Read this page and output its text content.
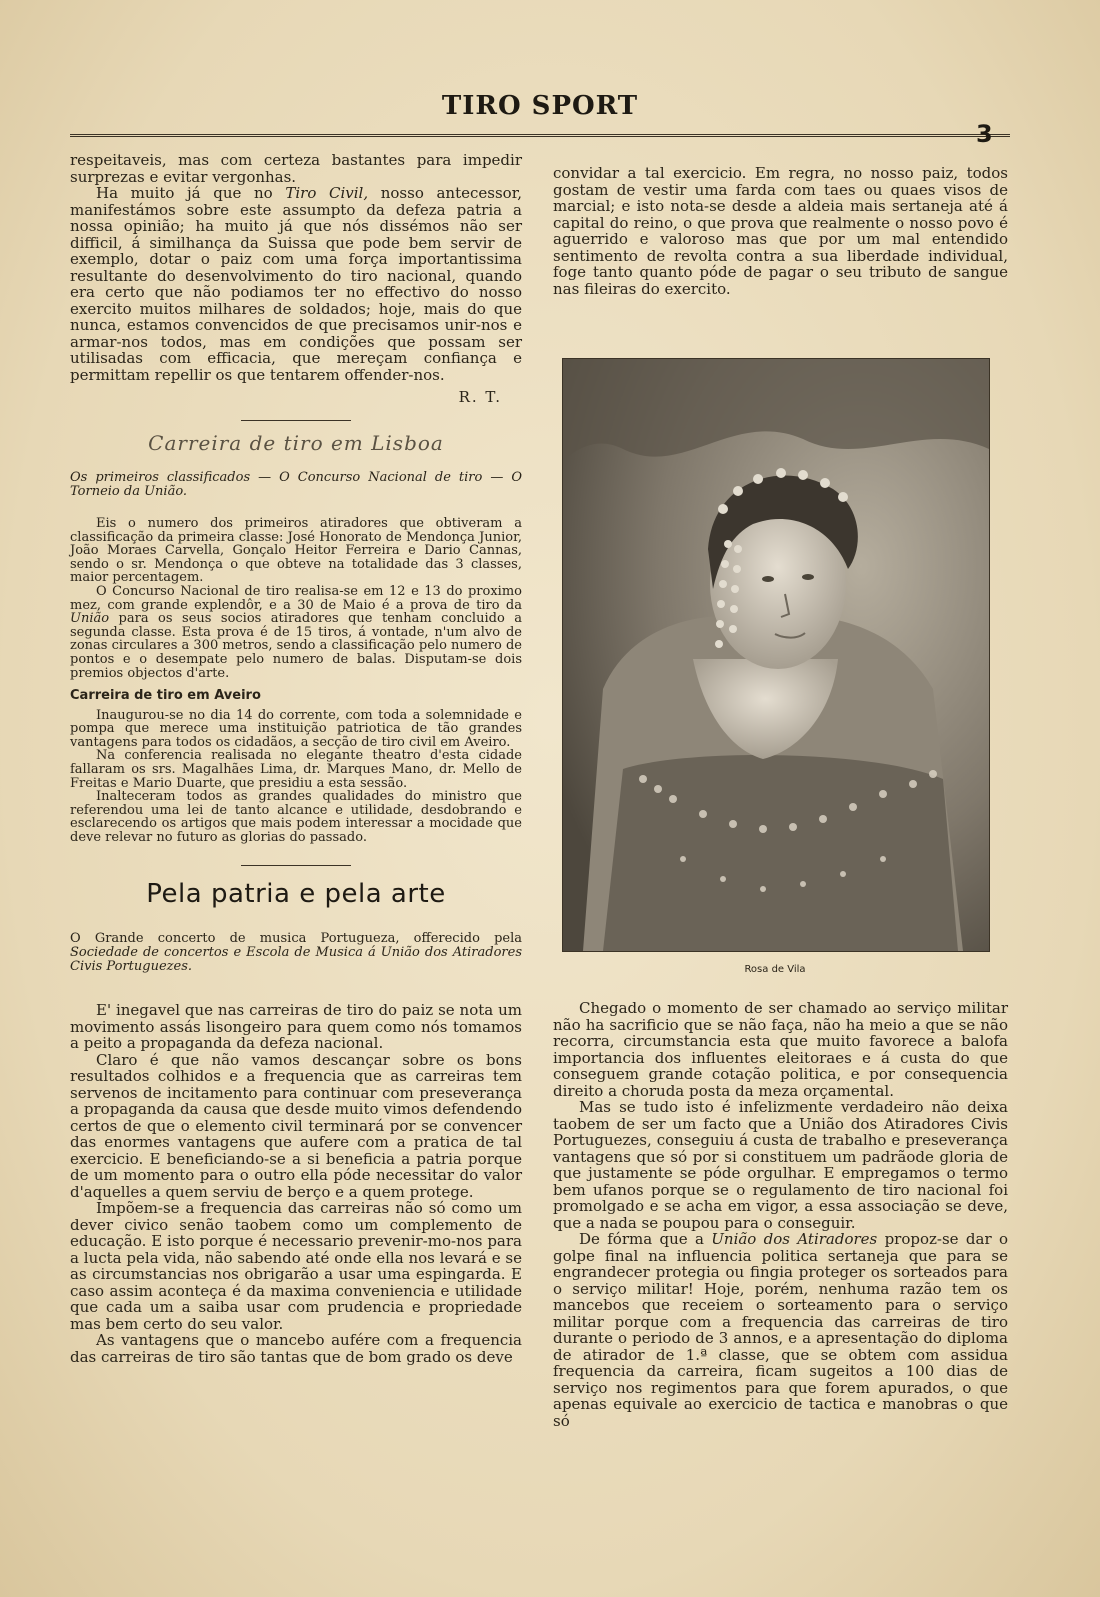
TIRO SPORT
3

respeitaveis, mas com certeza bastantes para impedir surprezas e evitar vergonhas.

Ha muito já que no Tiro Civil, nosso antecessor, manifestámos sobre este assumpto da defeza patria a nossa opinião; ha muito já que nós dissémos não ser difficil, á similhança da Suissa que pode bem servir de exemplo, dotar o paiz com uma força importantissima resultante do desenvolvimento do tiro nacional, quando era certo que não podiamos ter no effectivo do nosso exercito muitos milhares de soldados; hoje, mais do que nunca, estamos convencidos de que precisamos unir-nos e armar-nos todos, mas em condições que possam ser utilisadas com efficacia, que mereçam confiança e permittam repellir os que tentarem offender-nos.

R. T.
Carreira de tiro em Lisboa
Os primeiros classificados — O Concurso Nacional de tiro — O Torneio da União.

Eis o numero dos primeiros atiradores que obtiveram a classificação da primeira classe: José Honorato de Mendonça Junior, João Moraes Carvella, Gonçalo Heitor Ferreira e Dario Cannas, sendo o sr. Mendonça o que obteve na totalidade das 3 classes, maior percentagem.

O Concurso Nacional de tiro realisa-se em 12 e 13 do proximo mez, com grande explendôr, e a 30 de Maio é a prova de tiro da União para os seus socios atiradores que tenham concluido a segunda classe. Esta prova é de 15 tiros, á vontade, n'um alvo de zonas circulares a 300 metros, sendo a classificação pelo numero de pontos e o desempate pelo numero de balas. Disputam-se dois premios objectos d'arte.

Carreira de tiro em Aveiro

Inaugurou-se no dia 14 do corrente, com toda a solemnidade e pompa que merece uma instituição patriotica de tão grandes vantagens para todos os cidadãos, a secção de tiro civil em Aveiro.

Na conferencia realisada no elegante theatro d'esta cidade fallaram os srs. Magalhães Lima, dr. Marques Mano, dr. Mello de Freitas e Mario Duarte, que presidiu a esta sessão.

Inalteceram todos as grandes qualidades do ministro que referendou uma lei de tanto alcance e utilidade, desdobrando e esclarecendo os artigos que mais podem interessar a mocidade que deve relevar no futuro as glorias do passado.

Pela patria e pela arte
O Grande concerto de musica Portugueza, offerecido pela Sociedade de concertos e Escola de Musica á União dos Atiradores Civis Portuguezes.

E' inegavel que nas carreiras de tiro do paiz se nota um movimento assás lisongeiro para quem como nós tomamos a peito a propaganda da defeza nacional.

Claro é que não vamos descançar sobre os bons resultados colhidos e a frequencia que as carreiras tem servenos de incitamento para continuar com preseverança a propaganda da causa que desde muito vimos defendendo certos de que o elemento civil terminará por se convencer das enormes vantagens que aufere com a pratica de tal exercicio. E beneficiando-se a si beneficia a patria porque de um momento para o outro ella póde necessitar do valor d'aquelles a quem serviu de berço e a quem protege.

Impõem-se a frequencia das carreiras não só como um dever civico senão taobem como um complemento de educação. E isto porque é necessario prevenir-mo-nos para a lucta pela vida, não sabendo até onde ella nos levará e se as circumstancias nos obrigarão a usar uma espingarda. E caso assim aconteça é da maxima conveniencia e utilidade que cada um a saiba usar com prudencia e propriedade mas bem certo do seu valor.

As vantagens que o mancebo aufére com a frequencia das carreiras de tiro são tantas que de bom grado os deve

convidar a tal exercicio. Em regra, no nosso paiz, todos gostam de vestir uma farda com taes ou quaes visos de marcial; e isto nota-se desde a aldeia mais sertaneja até á capital do reino, o que prova que realmente o nosso povo é aguerrido e valoroso mas que por um mal entendido sentimento de revolta contra a sua liberdade individual, foge tanto quanto póde de pagar o seu tributo de sangue nas fileiras do exercito.

Rosa de Vila

Chegado o momento de ser chamado ao serviço militar não ha sacrificio que se não faça, não ha meio a que se não recorra, circumstancia esta que muito favorece a balofa importancia dos influentes eleitoraes e á custa do que conseguem grande cotação politica, e por consequencia direito a choruda posta da meza orçamental.

Mas se tudo isto é infelizmente verdadeiro não deixa taobem de ser um facto que a União dos Atiradores Civis Portuguezes, conseguiu á custa de trabalho e preseverança vantagens que só por si constituem um padrãode gloria de que justamente se póde orgulhar. E empregamos o termo bem ufanos porque se o regulamento de tiro nacional foi promolgado e se acha em vigor, a essa associação se deve, que a nada se poupou para o conseguir.

De fórma que a União dos Atiradores propoz-se dar o golpe final na influencia politica sertaneja que para se engrandecer protegia ou fingia proteger os sorteados para o serviço militar! Hoje, porém, nenhuma razão tem os mancebos que receiem o sorteamento para o serviço militar porque com a frequencia das carreiras de tiro durante o periodo de 3 annos, e a apresentação do diploma de atirador de 1.ª classe, que se obtem com assidua frequencia da carreira, ficam sugeitos a 100 dias de serviço nos regimentos para que forem apurados, o que apenas equivale ao exercicio de tactica e manobras o que só
